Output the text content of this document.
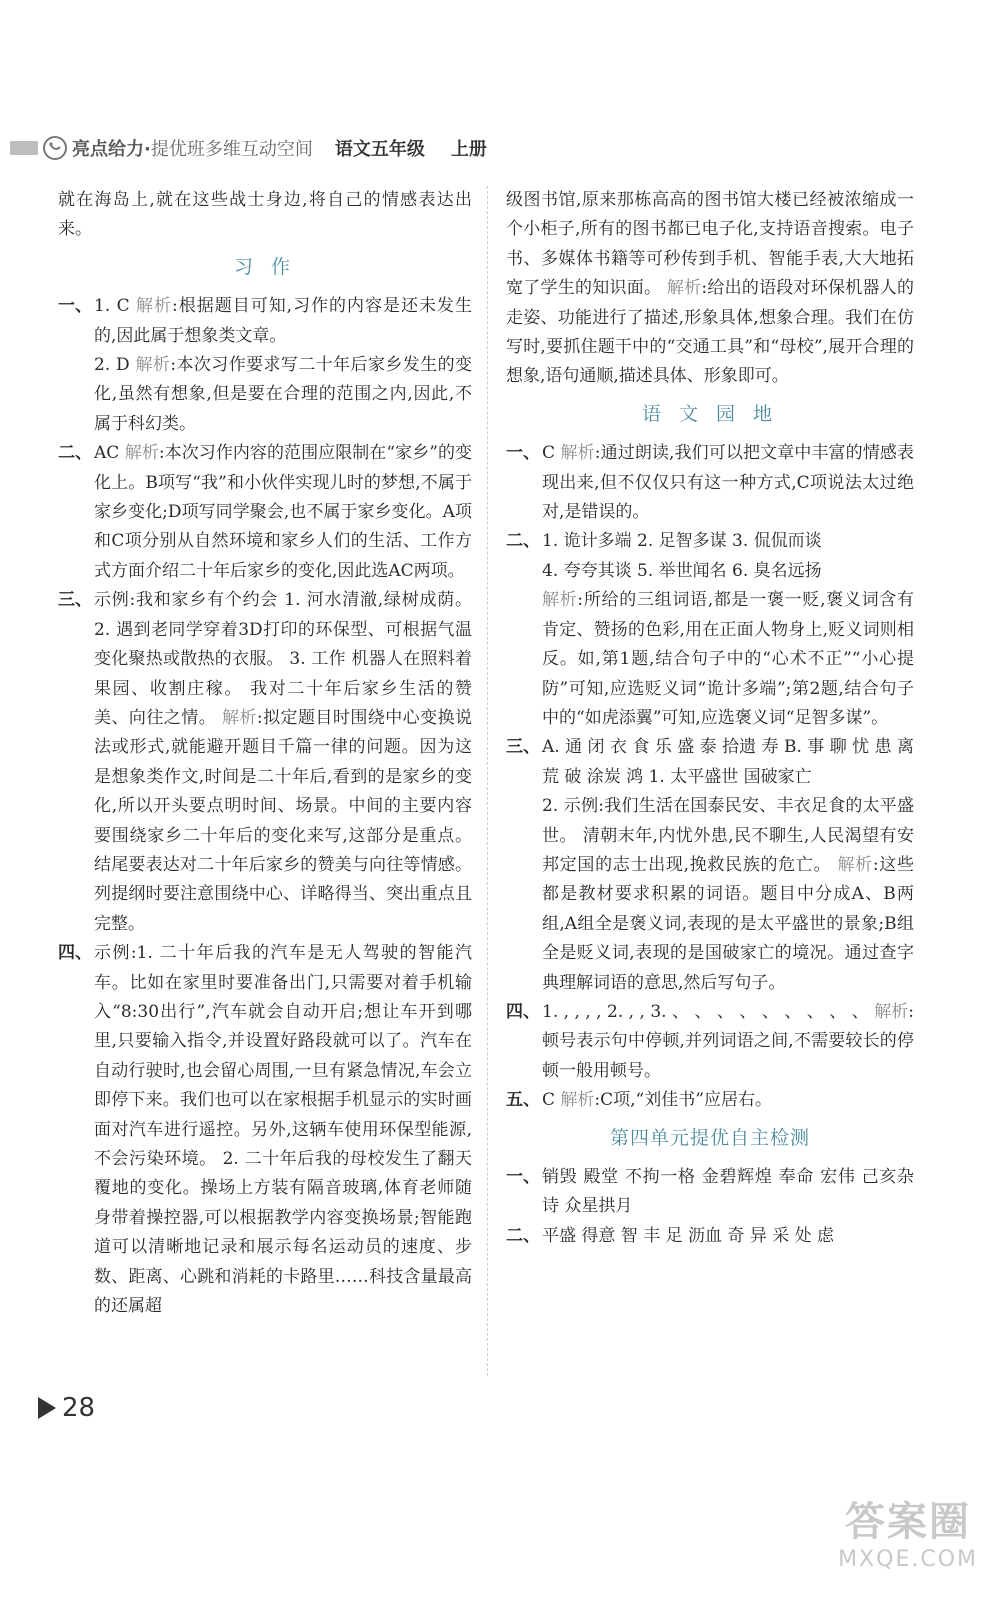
亮点给力· 提优班多维互动空间 语文五年级 上册

就在海岛上,就在这些战士身边,将自己的情感表达出来。

习 作
一、 1. C 解析:根据题目可知,习作的内容是还未发生的,因此属于想象类文章。
2. D 解析:本次习作要求写二十年后家乡发生的变化,虽然有想象,但是要在合理的范围之内,因此,不属于科幻类。
二、 AC 解析:本次习作内容的范围应限制在“家乡”的变化上。B项写“我”和小伙伴实现儿时的梦想,不属于家乡变化;D项写同学聚会,也不属于家乡变化。A项和C项分别从自然环境和家乡人们的生活、工作方式方面介绍二十年后家乡的变化,因此选AC两项。
三、 示例:我和家乡有个约会 1. 河水清澈,绿树成荫。 2. 遇到老同学穿着3D打印的环保型、可根据气温变化聚热或散热的衣服。 3. 工作 机器人在照料着果园、收割庄稼。 我对二十年后家乡生活的赞美、向往之情。 解析:拟定题目时围绕中心变换说法或形式,就能避开题目千篇一律的问题。因为这是想象类作文,时间是二十年后,看到的是家乡的变化,所以开头要点明时间、场景。中间的主要内容要围绕家乡二十年后的变化来写,这部分是重点。结尾要表达对二十年后家乡的赞美与向往等情感。列提纲时要注意围绕中心、详略得当、突出重点且完整。
四、 示例:1. 二十年后我的汽车是无人驾驶的智能汽车。比如在家里时要准备出门,只需要对着手机输入“8:30出行”,汽车就会自动开启;想让车开到哪里,只要输入指令,并设置好路段就可以了。汽车在自动行驶时,也会留心周围,一旦有紧急情况,车会立即停下来。我们也可以在家根据手机显示的实时画面对汽车进行遥控。另外,这辆车使用环保型能源,不会污染环境。 2. 二十年后我的母校发生了翻天覆地的变化。操场上方装有隔音玻璃,体育老师随身带着操控器,可以根据教学内容变换场景;智能跑道可以清晰地记录和展示每名运动员的速度、步数、距离、心跳和消耗的卡路里……科技含量最高的还属超

级图书馆,原来那栋高高的图书馆大楼已经被浓缩成一个小柜子,所有的图书都已电子化,支持语音搜索。电子书、多媒体书籍等可秒传到手机、智能手表,大大地拓宽了学生的知识面。 解析:给出的语段对环保机器人的走姿、功能进行了描述,形象具体,想象合理。我们在仿写时,要抓住题干中的“交通工具”和“母校”,展开合理的想象,语句通顺,描述具体、形象即可。

语 文 园 地
一、 C 解析:通过朗读,我们可以把文章中丰富的情感表现出来,但不仅仅只有这一种方式,C项说法太过绝对,是错误的。
二、 1. 诡计多端 2. 足智多谋 3. 侃侃而谈
4. 夸夸其谈 5. 举世闻名 6. 臭名远扬
解析:所给的三组词语,都是一褒一贬,褒义词含有肯定、赞扬的色彩,用在正面人物身上,贬义词则相反。如,第1题,结合句子中的“心术不正”“小心提防”可知,应选贬义词“诡计多端”;第2题,结合句子中的“如虎添翼”可知,应选褒义词“足智多谋”。
三、 A. 通 闭 衣 食 乐 盛 泰 拾遗 寿 B. 事 聊 忧 患 离 荒 破 涂炭 鸿 1. 太平盛世 国破家亡
2. 示例:我们生活在国泰民安、丰衣足食的太平盛世。 清朝末年,内忧外患,民不聊生,人民渴望有安邦定国的志士出现,挽救民族的危亡。 解析:这些都是教材要求积累的词语。题目中分成A、B两组,A组全是褒义词,表现的是太平盛世的景象;B组全是贬义词,表现的是国破家亡的境况。通过查字典理解词语的意思,然后写句子。
四、 1. , , , , 2. , , 3. 、 、 、 、 、 、 、 、 、 解析:顿号表示句中停顿,并列词语之间,不需要较长的停顿一般用顿号。
五、 C 解析:C项,“刘佳书”应居右。
第四单元提优自主检测
一、 销毁 殿堂 不拘一格 金碧辉煌 奉命 宏伟 己亥杂诗 众星拱月
二、 平盛 得意 智 丰 足 沥血 奇 异 采 处 虑
28
答案圈
MXQE.COM
